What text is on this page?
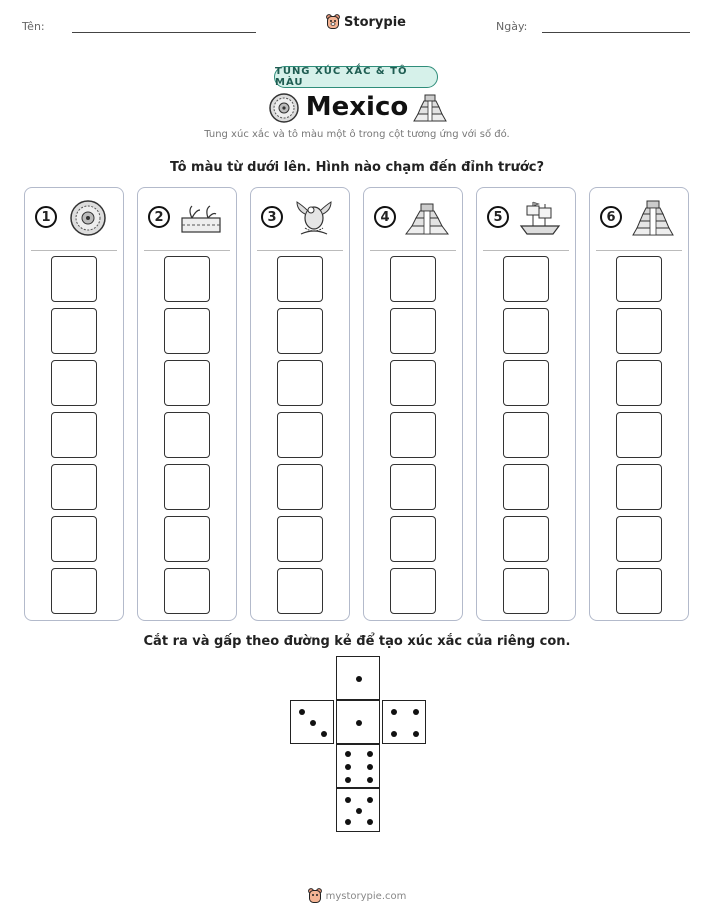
Tên:	Storypie	Ngày:
TUNG XÚC XẮC & TÔ MÀU
Mexico
Tung xúc xắc và tô màu một ô trong cột tương ứng với số đó.
Tô màu từ dưới lên. Hình nào chạm đến đỉnh trước?
1	2	3	4	5	6
Cắt ra và gấp theo đường kẻ để tạo xúc xắc của riêng con.
mystorypie.com
